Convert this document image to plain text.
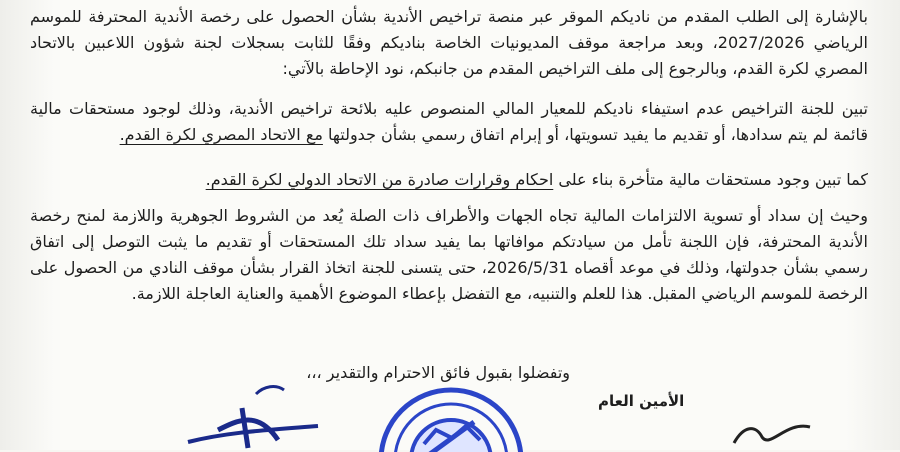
بالإشارة إلى الطلب المقدم من ناديكم الموقر عبر منصة تراخيص الأندية بشأن الحصول على رخصة الأندية المحترفة للموسم الرياضي 2027/2026، وبعد مراجعة موقف المديونيات الخاصة بناديكم وفقًا للثابت بسجلات لجنة شؤون اللاعبين بالاتحاد المصري لكرة القدم، وبالرجوع إلى ملف التراخيص المقدم من جانبكم، نود الإحاطة بالآتي:

تبين للجنة التراخيص عدم استيفاء ناديكم للمعيار المالي المنصوص عليه بلائحة تراخيص الأندية، وذلك لوجود مستحقات مالية قائمة لم يتم سدادها، أو تقديم ما يفيد تسويتها، أو إبرام اتفاق رسمي بشأن جدولتها مع الاتحاد المصري لكرة القدم.

كما تبين وجود مستحقات مالية متأخرة بناء على احكام وقرارات صادرة من الاتحاد الدولي لكرة القدم.

وحيث إن سداد أو تسوية الالتزامات المالية تجاه الجهات والأطراف ذات الصلة يُعد من الشروط الجوهرية واللازمة لمنح رخصة الأندية المحترفة، فإن اللجنة تأمل من سيادتكم موافاتها بما يفيد سداد تلك المستحقات أو تقديم ما يثبت التوصل إلى اتفاق رسمي بشأن جدولتها، وذلك في موعد أقصاه 2026/5/31، حتى يتسنى للجنة اتخاذ القرار بشأن موقف النادي من الحصول على الرخصة للموسم الرياضي المقبل. هذا للعلم والتنبيه، مع التفضل بإعطاء الموضوع الأهمية والعناية العاجلة اللازمة.

وتفضلوا بقبول فائق الاحترام والتقدير ،،،
الأمين العام
